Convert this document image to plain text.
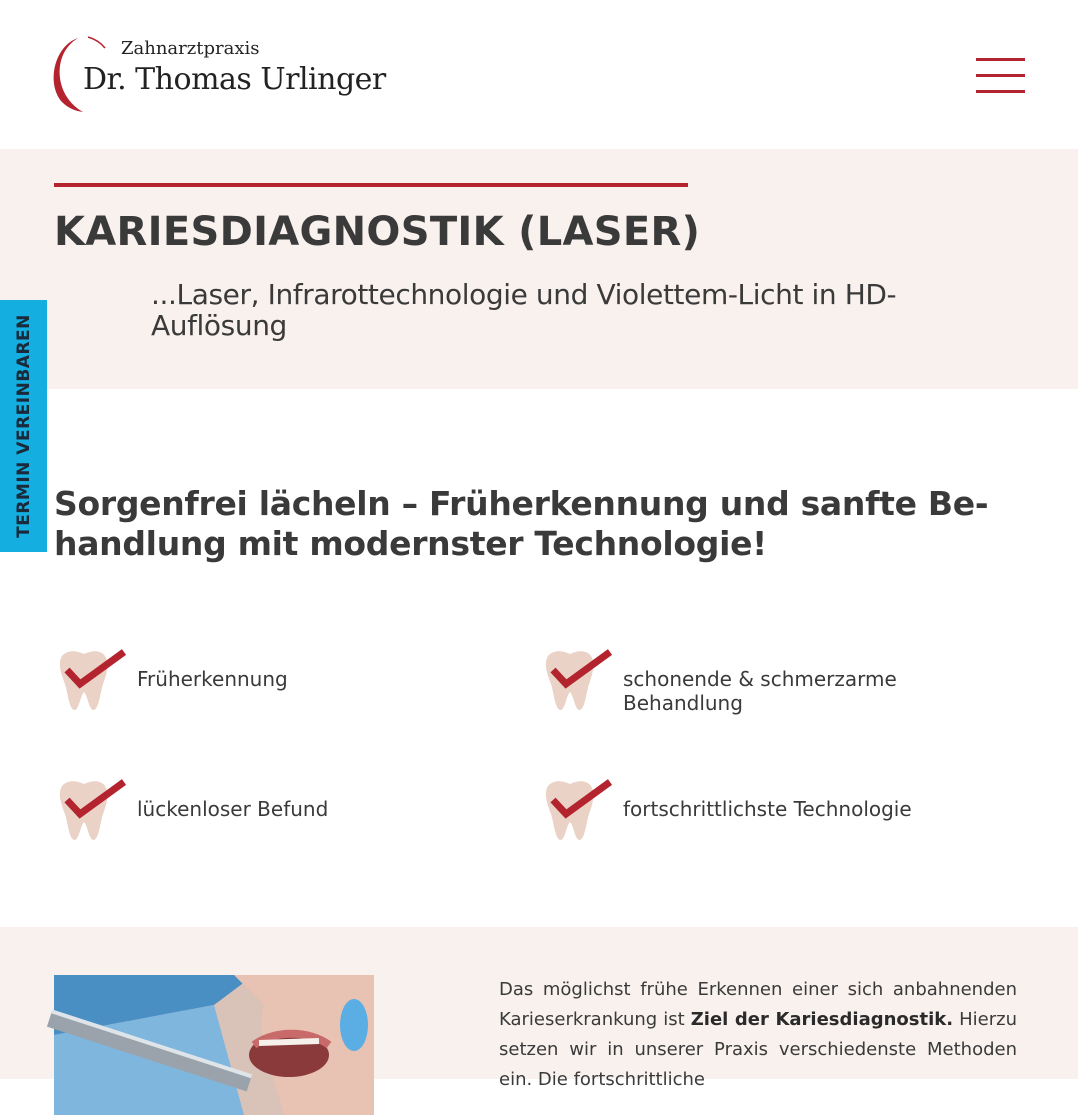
Zahnarztpraxis
Dr. Thomas Urlinger
KARIESDIAGNOSTIK (LASER)

...Laser, Infrarottechnologie und Violettem-Licht in HD-Auflösung

TERMIN VEREINBAREN Sorgenfrei lächeln – Früherkennung und sanfte Be-handlung mit modernster Technologie!
Früherkennung	schonende & schmerzarme Behandlung
lückenloser Befund	fortschrittlichste Technologie

Das möglichst frühe Erkennen einer sich anbahnenden Karieserkrankung ist Ziel der Kariesdiagnostik. Hierzu setzen wir in unserer Praxis verschiedenste Methoden ein. Die fortschrittliche
